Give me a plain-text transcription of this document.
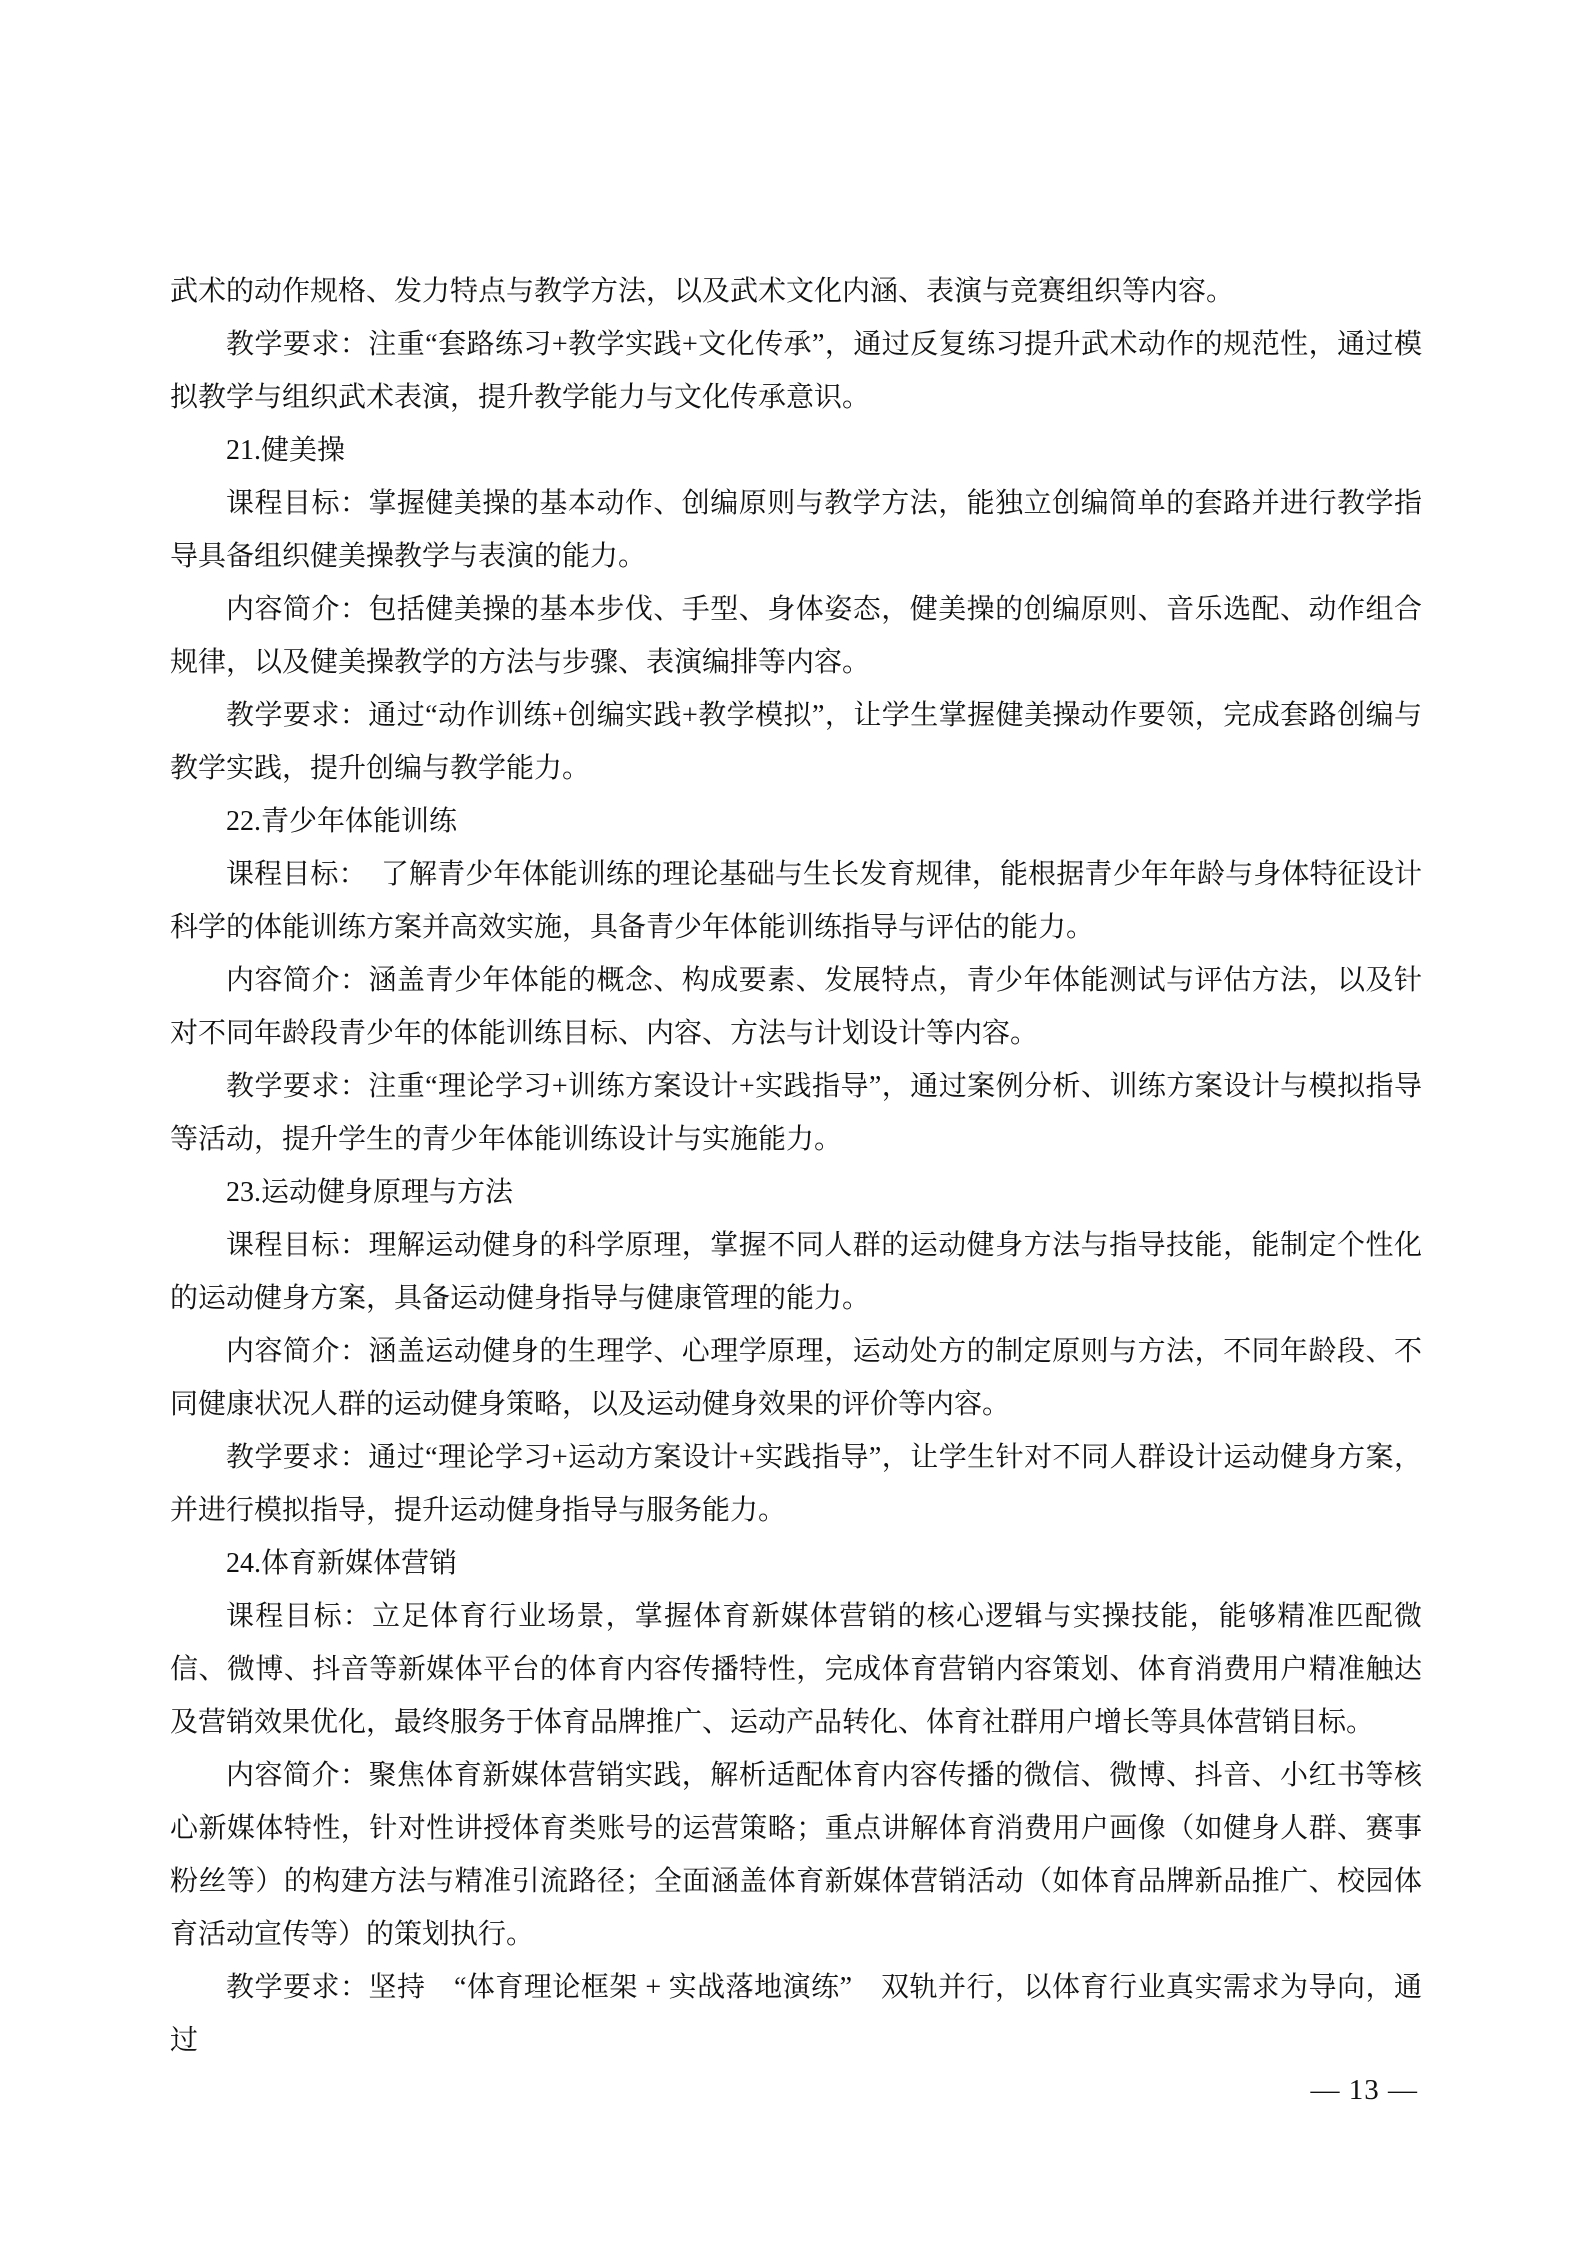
武术的动作规格、发力特点与教学方法，以及武术文化内涵、表演与竞赛组织等内容。

教学要求：注重“套路练习+教学实践+文化传承”，通过反复练习提升武术动作的规范性，通过模拟教学与组织武术表演，提升教学能力与文化传承意识。

21.健美操

课程目标：掌握健美操的基本动作、创编原则与教学方法，能独立创编简单的套路并进行教学指导具备组织健美操教学与表演的能力。

内容简介：包括健美操的基本步伐、手型、身体姿态，健美操的创编原则、音乐选配、动作组合规律，以及健美操教学的方法与步骤、表演编排等内容。

教学要求：通过“动作训练+创编实践+教学模拟”，让学生掌握健美操动作要领，完成套路创编与教学实践，提升创编与教学能力。

22.青少年体能训练

课程目标：　了解青少年体能训练的理论基础与生长发育规律，能根据青少年年龄与身体特征设计科学的体能训练方案并高效实施，具备青少年体能训练指导与评估的能力。

内容简介：涵盖青少年体能的概念、构成要素、发展特点，青少年体能测试与评估方法，以及针对不同年龄段青少年的体能训练目标、内容、方法与计划设计等内容。

教学要求：注重“理论学习+训练方案设计+实践指导”，通过案例分析、训练方案设计与模拟指导等活动，提升学生的青少年体能训练设计与实施能力。

23.运动健身原理与方法

课程目标：理解运动健身的科学原理，掌握不同人群的运动健身方法与指导技能，能制定个性化的运动健身方案，具备运动健身指导与健康管理的能力。

内容简介：涵盖运动健身的生理学、心理学原理，运动处方的制定原则与方法，不同年龄段、不同健康状况人群的运动健身策略，以及运动健身效果的评价等内容。

教学要求：通过“理论学习+运动方案设计+实践指导”，让学生针对不同人群设计运动健身方案，并进行模拟指导，提升运动健身指导与服务能力。

24.体育新媒体营销

课程目标：立足体育行业场景，掌握体育新媒体营销的核心逻辑与实操技能，能够精准匹配微信、微博、抖音等新媒体平台的体育内容传播特性，完成体育营销内容策划、体育消费用户精准触达及营销效果优化，最终服务于体育品牌推广、运动产品转化、体育社群用户增长等具体营销目标。

内容简介：聚焦体育新媒体营销实践，解析适配体育内容传播的微信、微博、抖音、小红书等核心新媒体特性，针对性讲授体育类账号的运营策略；重点讲解体育消费用户画像（如健身人群、赛事粉丝等）的构建方法与精准引流路径；全面涵盖体育新媒体营销活动（如体育品牌新品推广、校园体育活动宣传等）的策划执行。

教学要求：坚持　“体育理论框架 + 实战落地演练”　双轨并行，以体育行业真实需求为导向，通过

— 13 —
